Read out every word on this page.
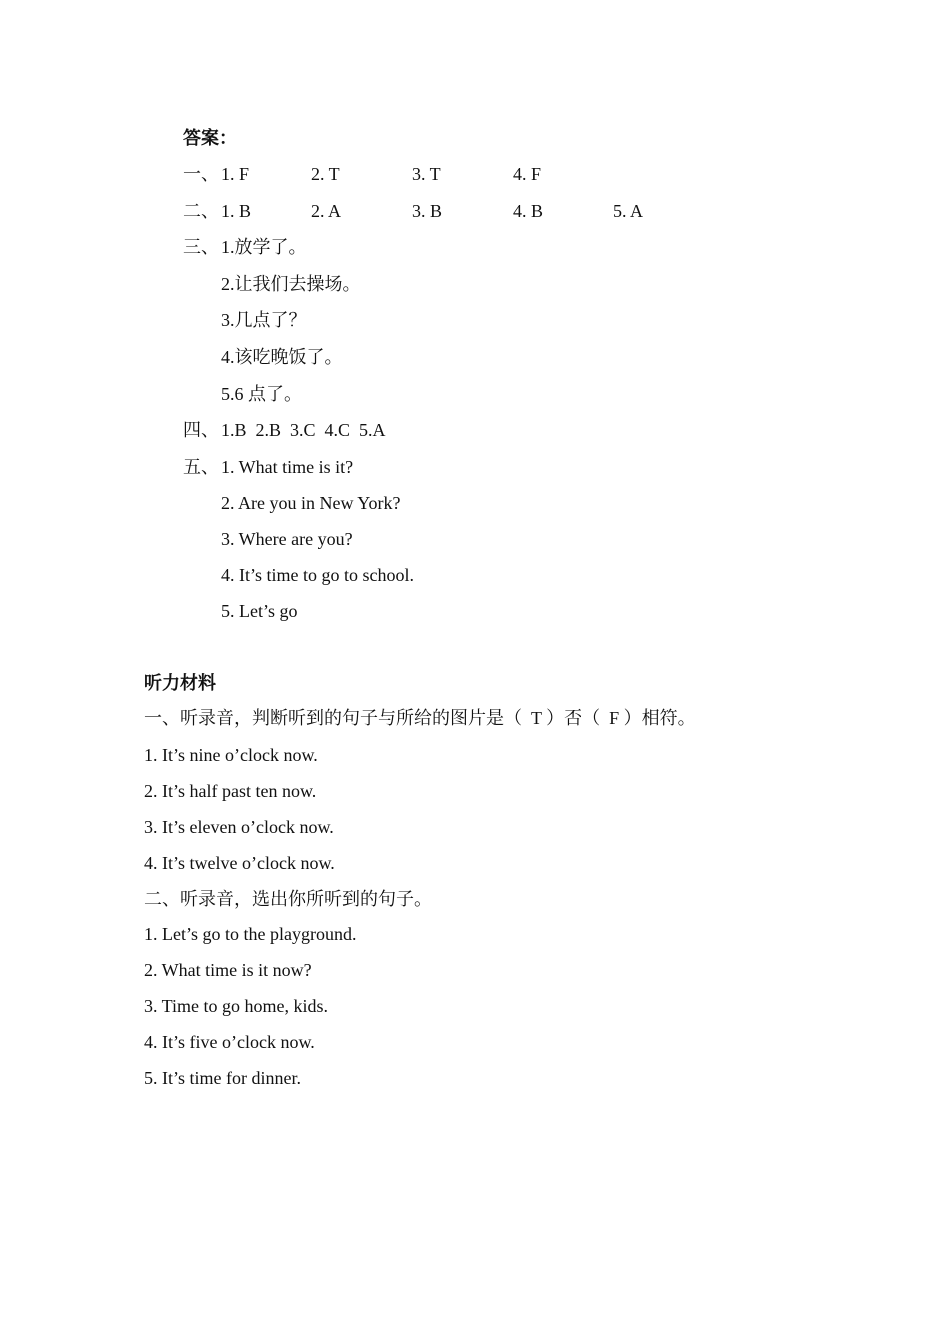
答案：
一、 1. F	2. T	3. T	4. F
二、 1. B	2. A	3. B	4. B	5. A
三、 1.放学了。
2.让我们去操场。
3.几点了？
4.该吃晚饭了。
5.6 点了。
四、 1.B  2.B  3.C  4.C  5.A
五、 1. What time is it?
2. Are you in New York?
3. Where are you?
4. It’s time to go to school.
5. Let’s go
听力材料
一、听录音，判断听到的句子与所给的图片是（  T ）否（  F ）相符。
1. It’s nine o’clock now.
2. It’s half past ten now.
3. It’s eleven o’clock now.
4. It’s twelve o’clock now.
二、听录音，选出你所听到的句子。
1. Let’s go to the playground.
2. What time is it now?
3. Time to go home, kids.
4. It’s five o’clock now.
5. It’s time for dinner.
